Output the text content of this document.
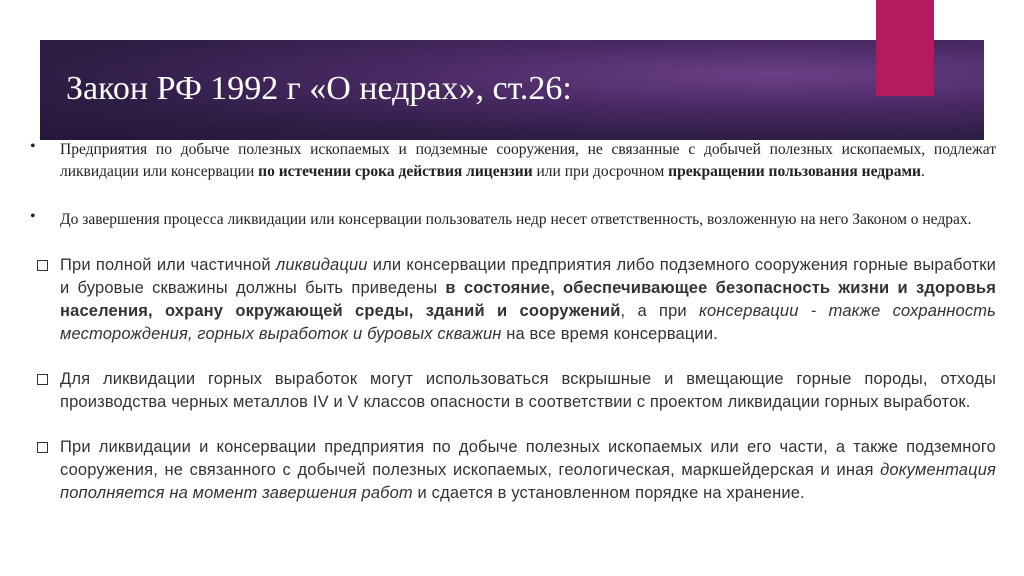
Закон РФ 1992 г «О недрах», ст.26:
• Предприятия по добыче полезных ископаемых и подземные сооружения, не связанные с добычей полезных ископаемых, подлежат ликвидации или консервации по истечении срока действия лицензии или при досрочном прекращении пользования недрами.
• До завершения процесса ликвидации или консервации пользователь недр несет ответственность, возложенную на него Законом о недрах.
При полной или частичной ликвидации или консервации предприятия либо подземного сооружения горные выработки и буровые скважины должны быть приведены в состояние, обеспечивающее безопасность жизни и здоровья населения, охрану окружающей среды, зданий и сооружений, а при консервации - также сохранность месторождения, горных выработок и буровых скважин на все время консервации.
Для ликвидации горных выработок могут использоваться вскрышные и вмещающие горные породы, отходы производства черных металлов IV и V классов опасности в соответствии с проектом ликвидации горных выработок.
При ликвидации и консервации предприятия по добыче полезных ископаемых или его части, а также подземного сооружения, не связанного с добычей полезных ископаемых, геологическая, маркшейдерская и иная документация пополняется на момент завершения работ и сдается в установленном порядке на хранение.
